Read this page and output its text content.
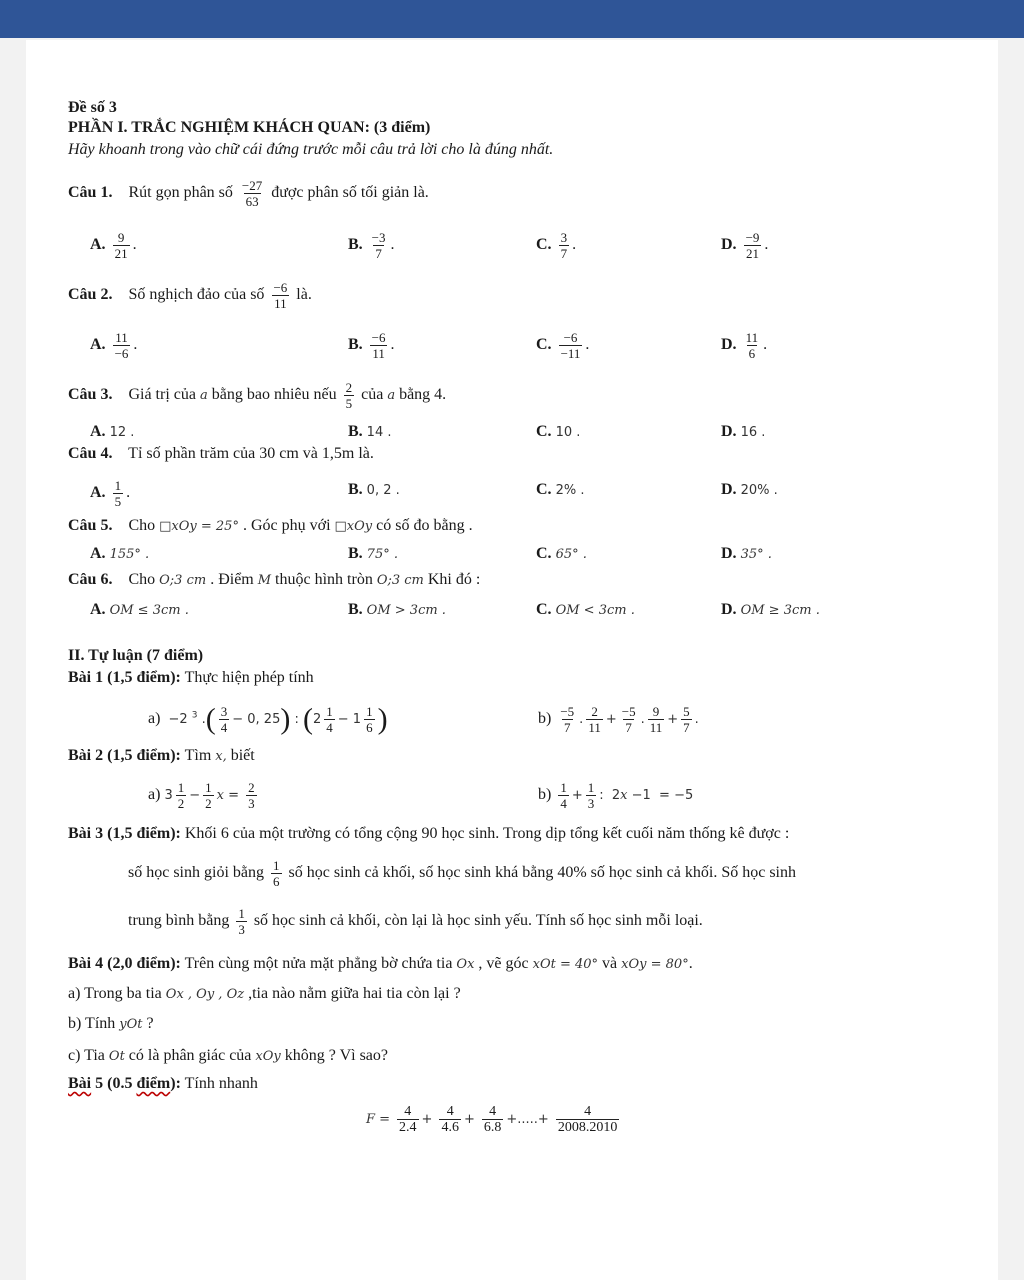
Đề số 3
PHẦN I. TRẮC NGHIỆM KHÁCH QUAN: (3 điểm)
Hãy khoanh trong vào chữ cái đứng trước mỗi câu trả lời cho là đúng nhất.
Câu 1. Rút gọn phân số $\frac{-27}{63}$ được phân số tối giản là.
A. $\frac{9}{21}$ .	B. $\frac{-3}{7}$ .	C. $\frac{3}{7}$ .	D. $\frac{-9}{21}$ .
Câu 2. Số nghịch đảo của số $\frac{-6}{11}$ là.
A. $\frac{11}{-6}$ .	B. $\frac{-6}{11}$ .	C. $\frac{-6}{-11}$ .	D. $\frac{11}{6}$ .
Câu 3. Giá trị của a bằng bao nhiêu nếu $\frac{2}{5}$ của a bằng 4.
A. 12 .	B. 14 .	C. 10 .	D. 16 .
Câu 4. Tỉ số phần trăm của 30 cm và 1,5m là.
A. $\frac{1}{5}$ .	B. 0, 2 .	C. 2% .	D. 20% .
Câu 5. Cho □xOy = 25° . Góc phụ với □xOy có số đo bằng .
A. 155° .	B. 75° .	C. 65° .	D. 35° .
Câu 6. Cho O;3 cm . Điểm M thuộc hình tròn O;3 cm Khi đó :
A. OM ≤ 3cm .	B. OM > 3cm .	C. OM < 3cm .	D. OM ≥ 3cm .
II. Tự luận (7 điểm)
Bài 1 (1,5 điểm): Thực hiện phép tính
a) −2 $^3$ .( $\frac{3}{4} - 0$, 25) : ($2 \frac{1}{4} - 1 \frac{1}{6}$ )	$b) \frac{-5}{7}$ . $\frac{2}{11} + \frac{-5}{7}$ . $\frac{9}{11} + \frac{5}{7}$ .
Bài 2 (1,5 điểm): Tìm x, biết
a) $3 \frac{1}{2} - \frac{1}{2}$ $x = \frac{2}{3}$	$b) \frac{1}{4} + \frac{1}{3}$ :  2x −1  = −5
Bài 3 (1,5 điểm): Khối 6 của một trường có tổng cộng 90 học sinh. Trong dịp tổng kết cuối năm thống kê được :
số học sinh giỏi bằng $\frac{1}{6}$ số học sinh cả khối, số học sinh khá bằng 40% số học sinh cả khối. Số học sinh
trung bình bằng $\frac{1}{3}$ số học sinh cả khối, còn lại là học sinh yếu. Tính số học sinh mỗi loại.
Bài 4 (2,0 điểm): Trên cùng một nửa mặt phẳng bờ chứa tia Ox , vẽ góc xOt = 40° và xOy = 80°.
a) Trong ba tia Ox , Oy , Oz ,tia nào nằm giữa hai tia còn lại ?
b) Tính yOt ?
c) Tia Ot có là phân giác của xOy không ? Vì sao?
Bài 5 (0.5 điểm): Tính nhanh
$F = \frac{4}{2.4} + \frac{4}{4.6} + \frac{4}{6.8}$ +.....+ $\frac{4}{2008.2010}$
